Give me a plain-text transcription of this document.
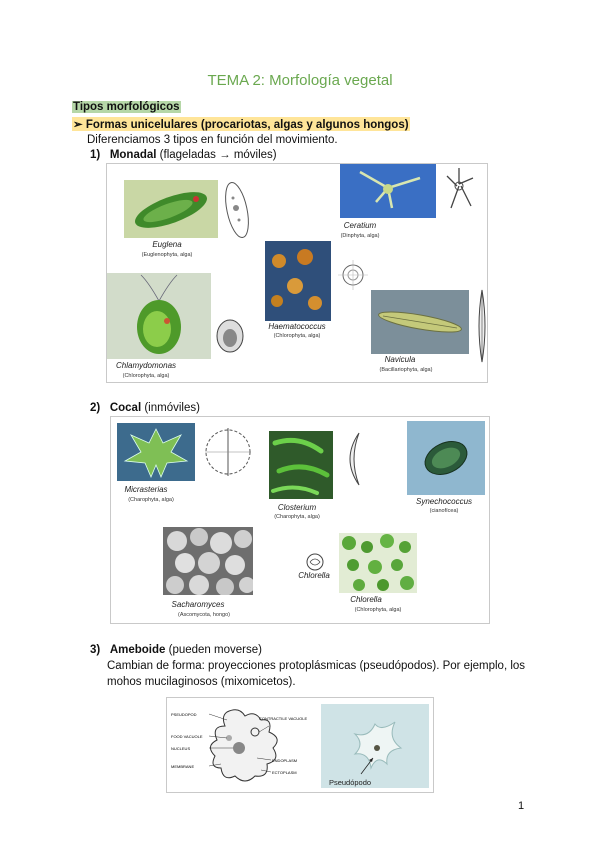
TEMA 2: Morfología vegetal
Tipos morfológicos
➢ Formas unicelulares (procariotas, algas y algunos hongos)
Diferenciamos 3 tipos en función del movimiento.
1) Monadal (flageladas → móviles)
Euglena
(Euglenophyta, alga)
Ceratium
(Dinphyta, alga)
Haematococcus
(Chlorophyta, alga)
Chlamydomonas
(Chlorophyta, alga)
Navicula
(Bacillariophyta, alga)
2) Cocal (inmóviles)
Micrasterias
(Charophyta, alga)
Closterium
(Charophyta, alga)
Synechococcus
(cianofícea)
Sacharomyces
(Ascomycota, hongo)
Chlorella
Chlorella
(Chlorophyta, alga)
3) Ameboide (pueden moverse)
Cambian de forma: proyecciones protoplásmicas (pseudópodos). Por ejemplo, los
mohos mucilaginosos (mixomicetos).
PSEUDOPOD
FOOD VACUOLE
NUCLEUS
MEMBRANE
CONTRACTILE VACUOLE
ENDOPLASM
ECTOPLASM
Pseudópodo
1
